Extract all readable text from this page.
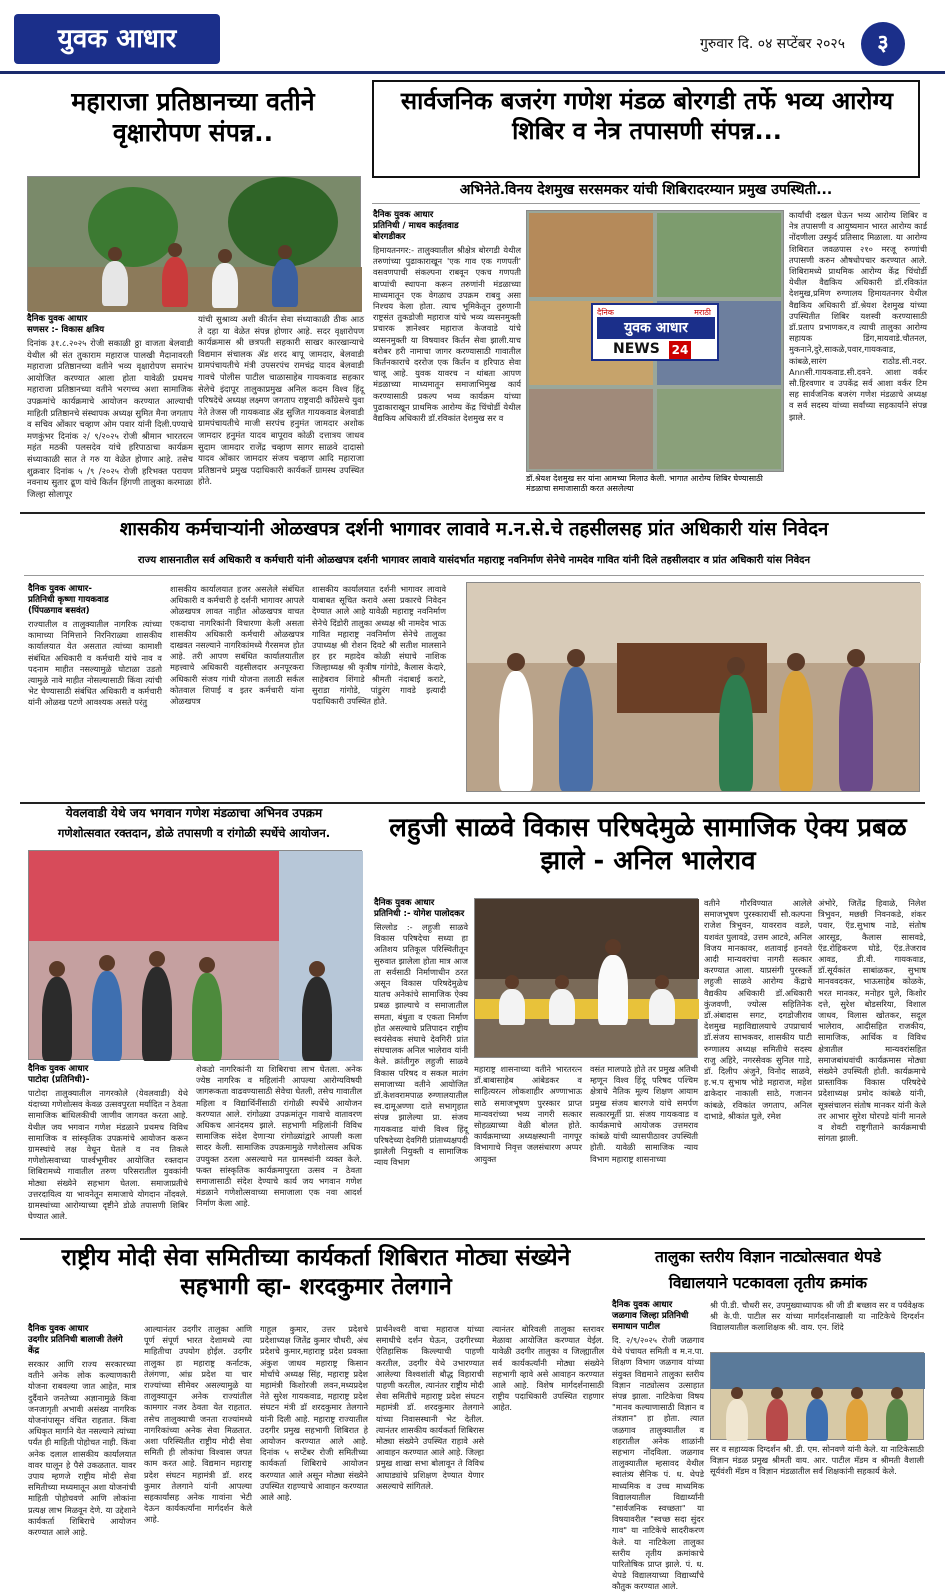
युवक आधार	गुरुवार दि. ०४ सप्टेंबर २०२५	३
महाराजा प्रतिष्ठानच्या वतीने वृक्षारोपण संपन्न..
दैनिक युवक आधार
सणसर :- विकास क्षत्रिय
दिनांक ३१.८.२०२५ रोजी सकाळी ठ्ठा वाजता बेलवाडी येथील श्री संत तुकाराम महाराज पालखी मैदानावरती महाराजा प्रतिष्ठानच्या वतीने भव्य वृक्षारोपण समारंभ आयोजित करण्यात आला होता यावेळी प्रथमच महाराजा प्रतिष्ठानच्या वतीने भरगच्च अशा सामाजिक उपक्रमांचे कार्यक्रमाचे आयोजन करण्यात आल्याची माहिती प्रतिष्ठानचे संस्थापक अध्यक्ष सुमित मैना जगताप व सचिव ओंकार चव्हाण ओम पवार यांनी दिली.पण्याचे मणकुंभर दिनांक २/ ९/२०२५ रोजी श्रीमान भारतरत्न महंत मठकी पलसदेव यांचे हरिपाठाचा कार्यक्रम संध्याकाळी सात ते गरु या वेळेत होणार आहे. तसेच शुक्रवार दिनांक ५ /९ /२०२५ रोजी हरिभक्त परायण नवनाथ सुतार ढूण यांचे किर्तन हिंगणी तालुका करमाळा जिल्हा सोलापूर
यांची सुश्राव्य अशी कीर्तन सेवा संध्याकाळी ठीक आठ ते दहा या वेळेत संपन्न होणार आहे. सदर वृक्षारोपण कार्यक्रमास श्री छत्रपती सहकारी साखर कारखान्याचे विद्यमान संचालक ॲड शरद बापू जामदार, बेलवाडी ग्रामपंचायतीचे मंत्री उपसरपंच रामचंद्र यादव बेलवाडी गावचे पोलीस पाटील चाळासाहेब गायकवाड सहकार सेलेचे इंदापूर तालुकाप्रमुख अनिल कदम विश्व हिंदू परिषदेचे अध्यक्ष लक्ष्मण जगताप राष्ट्रवादी काँग्रेसचे युवा नेते तेजस जी गायकवाड ॲड सुजित गायकवाड बेलवाडी ग्रामपंचायतीचे माजी सरपंच हनुमंत जामदार अशोक जामदार हनुमंत यादव बापूराव कोळी दत्तात्रय जाधव सुदाम जामदार राजेंद्र चव्हाण सागर साळवे दादासो यादव ओंकार जामदार संजय चव्हाण आदि महाराजा प्रतिष्ठानचे प्रमुख पदाधिकारी कार्यकर्ते ग्रामस्थ उपस्थित होते.
सार्वजनिक बजरंग गणेश मंडळ बोरगडी तर्फे भव्य आरोग्य शिबिर व नेत्र तपासणी संपन्न...
अभिनेते.विनय देशमुख सरसमकर यांची शिबिरादरम्यान प्रमुख उपस्थिती...
दैनिक युवक आधार
प्रतिनिधी / माधव काईतवाड
बोरगडीकर
हिमायतनगर:- तालुक्यातील श्रीक्षेत्र बोरगडी येथील तरुणांच्या पुढाकाराखून 'एक गाव एक गणपती' वसवणपाची संकल्पना राबवून एकच गणपती बाप्पांची स्थापना करून तरुणांनी मंडळाच्या माध्यमातून एक वेगळाच उपक्रम राबवु असा निश्चय केला होता. त्याच भूमिकेतून तुरुणानी राष्ट्रसंत तुकडोजी महाराज यांचे भव्य व्यसनमुक्ती प्रचारक ज्ञानेश्वर महाराज केजवाडे यांचे व्यसनमुक्ती या विषयावर किर्तन सेवा झाली.याच बरोबर हरी नामाचा जागर करण्यासाठी गावातील किर्तनकाराचे दररोज एक किर्तन व हरिपाठ सेवा चालू आहे. युवक यावरच न थांबता आपण मंडळाच्या माध्यमातून समाजाभिमुख कार्य करण्यासाठी प्रकल्प भव्य कार्यक्रम यांच्या पुढाकाराखून प्राथमिक आरोग्य केंद्र चिंचोर्डी येथील वैद्यकिय अधिकारी डॉ.रविकांत देशमुख सर व
दैनिक	मराठी
युवक आधार
NEWS 24
डॉ.श्रेयश देशमुख सर यांना आमच्या मिलाउ केली. भागात आरोग्य शिबिर घेण्यासाठी मंडळाचा समाजासाठी करत असलेल्या
कार्यांची दखल घेऊन भव्य आरोग्य शिबिर व नेत्र तपासणी व आयुष्यमान भारत आरोग्य कार्ड नोंदणीला उस्फुर्द प्रतिसाद मिळाला. या आरोग्य शिबिरात जवळपास २१० मरजू रुग्णांची तपासणी करुन औषधोपचार करण्यात आले. शिबिरामध्ये प्राथमिक आरोग्य केंद्र चिंचोर्डी येथील वैद्यकिय अधिकारी डॉ.रविकांत देशमुख,प्रमिण रुग्णालय हिमायतनगर येथील वैद्यकिय अधिकारी डॉ.श्रेयश देशमुख यांच्या उपस्थितीत शिबिर यशस्वी करण्यासाठी डॉ.प्रताप प्रभाणकर,व त्याची तालुका आरोग्य सहायक डिंग,मायवाडे.चौतनल, मुकनाने,दुरे,साकळे,पवार,गायकवाड, कांबळे,सारंग राठोड.सी.नदर. Annसी.गायकवाड.सी.दवने. आशा वर्कर सौ.हिरवणार व उपकेंद्र सर्व आशा वर्कर टिम सह सार्वजनिक बजरंग गणेश मंडळाचे अध्यक्ष व सर्व सदस्य यांच्या सर्वांच्या सहकार्याने संपन्न झाले.
शासकीय कर्मचाऱ्यांनी ओळखपत्र दर्शनी भागावर लावावे म.न.से.चे तहसीलसह प्रांत अधिकारी यांस निवेदन
राज्य शासनातील सर्व अधिकारी व कर्मचारी यांनी ओळखपत्र दर्शनी भागावर लावावे यासंदर्भात महाराष्ट्र नवनिर्माण सेनेचे नामदेव गावित यांनी दिले तहसीलदार व प्रांत अधिकारी यांस निवेदन
दैनिक युवक आधार-
प्रतिनिधी कृष्णा गायकवाड
(पिंपळगाव बसवंत)
राज्यातील व तालुक्यातील नागरिक त्यांच्या कामाच्या निमित्ताने निरनिराळ्या शासकीय कार्यालयात येत असतात त्यांच्या कामाशी संबंधित अधिकारी व कर्मचारी यांचे नाव व पदनाम माहीत नसल्यामुळे घोटाळा उडतो त्यामुळे नावे माहीत नोसल्यासाठी किंवा त्यांची भेट घेण्यासाठी संबंधित अधिकारी व कर्मचारी यांनी ओळख पटणे आवश्यक असते परंतु
शासकीय कार्यालयात हजर असलेले संबंधित अधिकारी व कर्मचारी हे दर्शनी भागावर आपले ओळखपत्र लावत नाहीत ओळखपत्र वाचत एकदाचा नागरिकांनी विचारणा केली असता शासकीय अधिकारी कर्मचारी ओळखपत्र दाखवत नसल्याने नागरिकांमध्ये गैरसमज होत आहे. तरी आपण सबंधित कार्यालयातील महत्त्वाचे अधिकारी वहसीलदार अनपूरकरा अधिकारी संजय गांधी योजना तलाठी सर्कल कोतवाल शिपाई व इतर कर्मचारी यांना ओळखपत्र
शासकीय कार्यालयात दर्शनी भागावर लावावे याबाबत सूचित करावे असा प्रकारचे निवेदन देण्यात आले आहे यावेळी महाराष्ट्र नवनिर्माण सेनेचे दिंडोरी तालुका अध्यक्ष श्री नामदेव भाऊ गावित महाराष्ट्र नवनिर्माण सेनेचे तालुका उपाध्यक्ष श्री रोशन दिवटे श्री सतीश मालसाने हर हर महादेव कोळी संघाचे नाशिक जिल्हाध्यक्ष श्री कृत्रीष गांगोडे, कैलास केदारे, साहेबराव शिंगाडे श्रीमती नंदाबाई कराटे, सुराडा गांगोडे, पांडुरंग गावडे इत्यादी पदाधिकारी उपस्थित होते.
येवलवाडी येथे जय भगवान गणेश मंडळाचा अभिनव उपक्रम
गणेशोत्सवात रक्तदान, डोळे तपासणी व रांगोळी स्पर्धेचे आयोजन.
दैनिक युवक आधार
पाटोदा (प्रतिनिधी)-
पाटोदा तालुक्यातील नागरकोले (येवलवाडी) येथे यंदाच्या गणेशोत्सव केवळ उत्सवपुरता मर्यादित न ठेवता सामाजिक बांधिलकीची जाणीव जागवत करता आहे. येथील जय भगवान गणेश मंडळाने प्रथमच विविध सामाजिक व सांस्कृतिक उपक्रमांचे आयोजन करून ग्रामस्थांचे लक्ष वेधून घेतले व नव तिकले गणेशोत्सवाच्या पार्श्वभूमीवर आयोजित रक्तदान शिबिरामध्ये गावातील तरुण परिसरातील युवकांनी मोठ्या संख्येने सहभाग घेतला. समाजाप्रतीचे उत्तरदायित्व या भावनेतून समाजाचे योगदान नोंदवले. ग्रामस्थांच्या आरोग्याच्या दृष्टीने डोळे तपासणी शिबिर घेण्यात आले.
शेकडो नागरिकांनी या शिबिराचा लाभ घेतला. अनेक ज्येष्ठ नागरिक व महिलांनी आपल्या आरोग्यविषयी जागरूकता वाढवण्यासाठी सेवेचा घेतली, तसेच गावातील महिला व विद्यार्थिनींसाठी रांगोळी स्पर्धेचे आयोजन करण्यात आले. रांगोळ्या उपक्रमांतून गावाचे वातावरण अधिकच आनंदमय झाले. सहभागी महिलांनी विविध सामाजिक संदेश देणाऱ्या रांगोळ्यांद्वारे आपली कला सादर केली. सामाजिक उपक्रमामुळे गणेशोत्सव अधिक उपयुक्त ठरला असल्याचे मत ग्रामस्थांनी व्यक्त केले. फक्त सांस्कृतिक कार्यक्रमापुरता उत्सव न ठेवता समाजासाठी संदेश देण्याचे कार्य जय भगवान गणेश मंडळाने गणेशोत्सवाच्या समाजाला एक नवा आदर्श निर्माण केला आहे.
लहुजी साळवे विकास परिषदेमुळे सामाजिक ऐक्य प्रबळ झाले - अनिल भालेराव
दैनिक युवक आधार
प्रतिनिधी :- योगेश पालोदकर
सिल्लोड :- लहुजी साळवे विकास परिषदेचा सध्या हा अतिशय प्रतिकूल परिस्थितीतून सुरुवात झालेला होता मात्र आज ता सर्वसाठी निर्माणाधीन ठरत असून विकास परिषदेमुळेच यातच अनेकांचे सामाजिक ऐक्य प्रबळ झाल्याचे व समाजातील समता, बंधुता व एकता निर्माण होत असल्याचे प्रतिपादन राष्ट्रीय स्वयंसेवक संघाचे देवगिरी प्रांत संघचालक अनिल भालेराव यांनी केले. क्रांतीगुरु लहुजी साळवे विकास परिषद व सकल मातंग समाजाच्या वतीने आयोजित डॉ.केशवरामपाळ रुग्णालयातील स्व.दामूअण्णा दाते सभागृहात संपन्न झालेल्या प्रा. संजय गायकवाड यांची विश्व हिंदू परिषदेच्या देवगिरी प्रांताध्यक्षपदी झालेली नियुक्ती व सामाजिक न्याय विभाग
महाराष्ट्र शासनाच्या वतीने भारतरत्न डॉ.बाबासाहेब आंबेडकर व साहित्यरत्न लोकशाहीर अण्णाभाऊ साठे समाजभूषण पुरस्कार प्राप्त मान्यवरांच्या भव्य नागरी सत्कार सोहळ्याच्या वेळी बोलत होते. कार्यक्रमाच्या अध्यक्षस्थानी नागपूर विभागाचे निवृत्त जलसंधारण अप्पर आयुक्त
वसंत मालपाठे होते तर प्रमुख अतिथी म्हणून विश्व हिंदू परिषद पश्चिम क्षेत्राचे नैतिक मूल्य शिक्षण आयाम प्रमुख संजय बारगजे यांचे समर्पण सत्कारमूर्ती प्रा. संजय गायकवाड व कार्यक्रमाचे आयोजक उत्तमराव कांबळे यांची व्यासपीठावर उपस्थिती होती. यावेळी सामाजिक न्याय विभाग महाराष्ट्र शासनाच्या
वतीने गौरविण्यात आलेले समाजभूषण पुरस्कारार्थी सौ.कल्पना राजेश त्रिभुवन, यावरराव वडले, यशवंत पुलावडे, उत्तम आटवे, अनिल विजय मानकावर, शतावाई हनवते आदी मान्यवरांचा नागरी सत्कार करण्यात आला. याप्रसंगी पुरस्कर्ते लहुजी साळवे आरोग्य केंद्राचे वैद्यकीय अधिकारी डॉ.अधिकारी कुंजवणी, ज्योत्स सहितिनेक डॉ.अंबादास सगट, दगडोजीराव देशमुख महाविद्यालयाचे उपप्राचार्य डॉ.संजय साभकवर, शासकीय घाटी रुग्णालय अध्यक्ष समितीचे सदस्य राजु अहिरे, नगरसेवक सुनिल गाडे, डॉ. दिलीप अंजुने, विनोद साळवे, ह.भ.प सुभाष भोडे महाराज, महेश ढाकेदार नाकाली साठे, गजानन कांबळे, रविकांत जगताप, अनिल दाभाडे, श्रीकांत घुले, रमेश
अंभोरे, जितेंद्र हिवाळे, निलेश त्रिभुवन, मछछी निवनकडे, शंकर पवार, ऍड.सुभाष नाडे, संतोष आरसूड, कैलास सासवडे, ऍड.रोहिकरण घोडे, ऍड.तेजराव आवड, डी.वी. गायकवाड, डॉ.सूर्यकांत साबांळकर, सुभाष मानववदकर, भाऊसाहेब कोळके, भरत मानकर, मनोहर घुले, किशोर दत्ते, सुरेश बोडसरिया, विशाल जाधव, विलास खोतकर, सदूल भालेराव, आदीसहित राजकीय, सामाजिक, आर्थिक व विविध क्षेत्रातील मान्यवरांसहित समाजबांधवांची कार्यक्रमास मोठ्या संख्येने उपस्थिती होती. कार्यक्रमाचे प्रास्ताविक विकास परिषदेचे प्रदेशाध्यक्ष प्रमोद कांबळे यांनी, सूत्रसंचालन संतोष मानकर यांनी केले तर आभार सुरेश घोरपडे यांनी मानले व शेवटी राष्ट्रगीताने कार्यक्रमाची सांगता झाली.
राष्ट्रीय मोदी सेवा समितीच्या कार्यकर्ता शिबिरात मोठ्या संख्येने सहभागी व्हा- शरदकुमार तेलगाने
दैनिक युवक आधार
उदगीर प्रतिनिधी बालाजी तेलंगे केंद्र
सरकार आणि राज्य सरकारच्या वतीने अनेक लोक कल्याणकारी योजना राबवल्या जात आहेत, मात्र दुर्दैवाने जनतेच्या अज्ञानामुळे किंवा जनजागृती अभावी असंख्य नागरिक योजनांपासून वंचित राहतात. किंवा अधिकृत मार्गाने येत नसल्याने त्यांच्या पर्यंत ही माहिती पोहोचत नाही. किंवा अनेक दलाल शासकीय कार्यालयात वावर घालून हे पैसे उकळतात. यावर उपाय म्हणजे राष्ट्रीय मोदी सेवा समितीच्या मध्यमातून अशा योजनांची माहिती पोहोचवणे आणि लोकांना प्रत्यक्ष लाभ मिळवून देणे. या उद्देशाने कार्यकर्ता शिबिराचे आयोजन करण्यात आले आहे.
आल्यानंतर उदगीर तालुका आणि पूर्ण संपूर्ण भारत देशामध्ये त्या माहितीचा उपयोग होईल. उदगीर तालुका हा महाराष्ट्र कर्नाटक, तेलंगणा, आंध्र प्रदेश या चार राज्यांच्या सीमेवर असल्यामुळे या तालुक्यातून अनेक राज्यांतील कामगार नजर ठेवता येत राहतात. तसेच तालुक्याची जनता राज्यांमध्ये नागरिकांच्या अनेक सेवा मिळतात. अशा परिस्थितीत राष्ट्रीय मोदी सेवा समिती ही लोकांचा विश्वास जपत काम करत आहे. विद्यमान महाराष्ट्र प्रदेश संघटन महामंत्री डॉ. शरद कुमार तेलगाने यांनी आपल्या सहकार्यांसह अनेक गावांना भेटी देऊन कार्यकर्त्यांना मार्गदर्शन केले आहे.
गाहूल कुमार, उत्तर प्रदेशचे प्रदेशाध्यक्ष जितेंद्र कुमार चौधरी, अंध प्रदेशचे कुमार,महाराष्ट्र प्रदेश प्रवक्ता अंकुश जाधव महाराष्ट्र किसान मोर्चाचे अध्यक्ष सिंह, महाराष्ट्र प्रदेश महामंत्री किशोरजी लवन,मध्यप्रदेश नेते सुरेश गायकवाड, महाराष्ट्र प्रदेश संघटन मंत्री डॉ शरदकुमार तेलगाने यांनी दिली आहे. महाराष्ट्र राज्यातील उदगीर प्रमुख सहभागी शिबिरात हे आयोजन करण्यात आले आहे. दिनांक ५ सप्टेंबर रोजी समितीच्या कार्यकर्ता शिबिराचे आयोजन करण्यात आले असून मोठ्या संख्येने उपस्थित राहण्याचे आवाहन करण्यात आले आहे.
प्रार्थनेश्वरी वाचा महाराज यांच्या समाधीचे दर्शन घेऊन, उदगीरच्या ऐतिहासिक किल्ल्याची पाहणी करतील, उदगीर येथे उभारण्यात आलेल्या विश्वशांती बौद्ध विहाराची पाहणी करतील, त्यानंतर राष्ट्रीय मोदी सेवा समितीचे महाराष्ट्र प्रदेश संघटन महामंत्री डॉ. शरदकुमार तेलगाने यांच्या निवासस्थानी भेट देतील. त्यानंतर शासकीय कार्यकर्ता शिबिरास मोठ्या संख्येने उपस्थित राहावे असे आवाहन करण्यात आले आहे. जिल्हा प्रमुख शाखा सभा बोलावून ते विविध आघाड्यांचे प्रशिक्षण देण्यात येणार असल्याचे सांगितले.
त्यानंतर बोरिवली तालुका स्तरावर मेळावा आयोजित करण्यात येईल. यावेळी उदगीर तालुका व जिल्ह्यातील सर्व कार्यकर्त्यांनी मोठ्या संख्येने सहभागी व्हावे असे आवाहन करण्यात आले आहे. विशेष मार्गदर्शनासाठी राष्ट्रीय पदाधिकारी उपस्थित राहणार आहेत.
तालुका स्तरीय विज्ञान नाट्योत्सवात थेपडे
विद्यालयाने पटकावला तृतीय क्रमांक
दैनिक युवक आधार
जळगाव जिल्हा प्रतिनिधी समाधान पाटील
दि. २/९/२०२५ रोजी जळगाव येथे पंचायत समिती व म.न.पा. शिक्षण विभाग जळगाव यांच्या संयुक्त विद्यमाने तालुका स्तरीय विज्ञान नाट्योत्सव उत्साहात संपन्न झाला. नाटिकेचा विषय "मानव कल्याणासाठी विज्ञान व तंत्रज्ञान" हा होता. त्यात जळगाव तालुक्यातील व शहरातील अनेक शाळांनी सहभाग नोंदविला. जळगाव तालुक्यातील म्हसावद येथील स्वातंत्र्य सैनिक पं. ध. थेपडे माध्यमिक व उच्च माध्यमिक विद्यालयातील विद्यार्थ्यांनी "सार्वजनिक स्वच्छता" या विषयावरील "स्वच्छ सदा सुंदर गाव" या नाटिकेचे सादरीकरण केले. या नाटिकेला तालुका स्तरीय तृतीय क्रमांकाचे पारितोषिक प्राप्त झाले. पं. ध. थेपडे विद्यालयाच्या विद्यार्थ्यांचे कौतुक करण्यात आले.
श्री पी.डी. चौधरी सर, उपमुख्याध्यापक श्री जी डी बच्छाव सर व पर्यवेक्षक श्री के.पी. पाटील सर यांच्या मार्गदर्शनाखाली या नाटिकेचे दिग्दर्शन विद्यालयातील कलाशिक्षक श्री. वाय. एन. शिंदे
सर व सहाय्यक दिग्दर्शन श्री. डी. एम. सोनवणे यांनी केले. या नाटिकेसाठी विज्ञान मंडळ प्रमुख श्रीमती वाय. आर. पाटील मॅडम व श्रीमती वैशाली सूर्यवंशी मॅडम व विज्ञान मंडळातील सर्व शिक्षकांनी सहकार्य केले.
